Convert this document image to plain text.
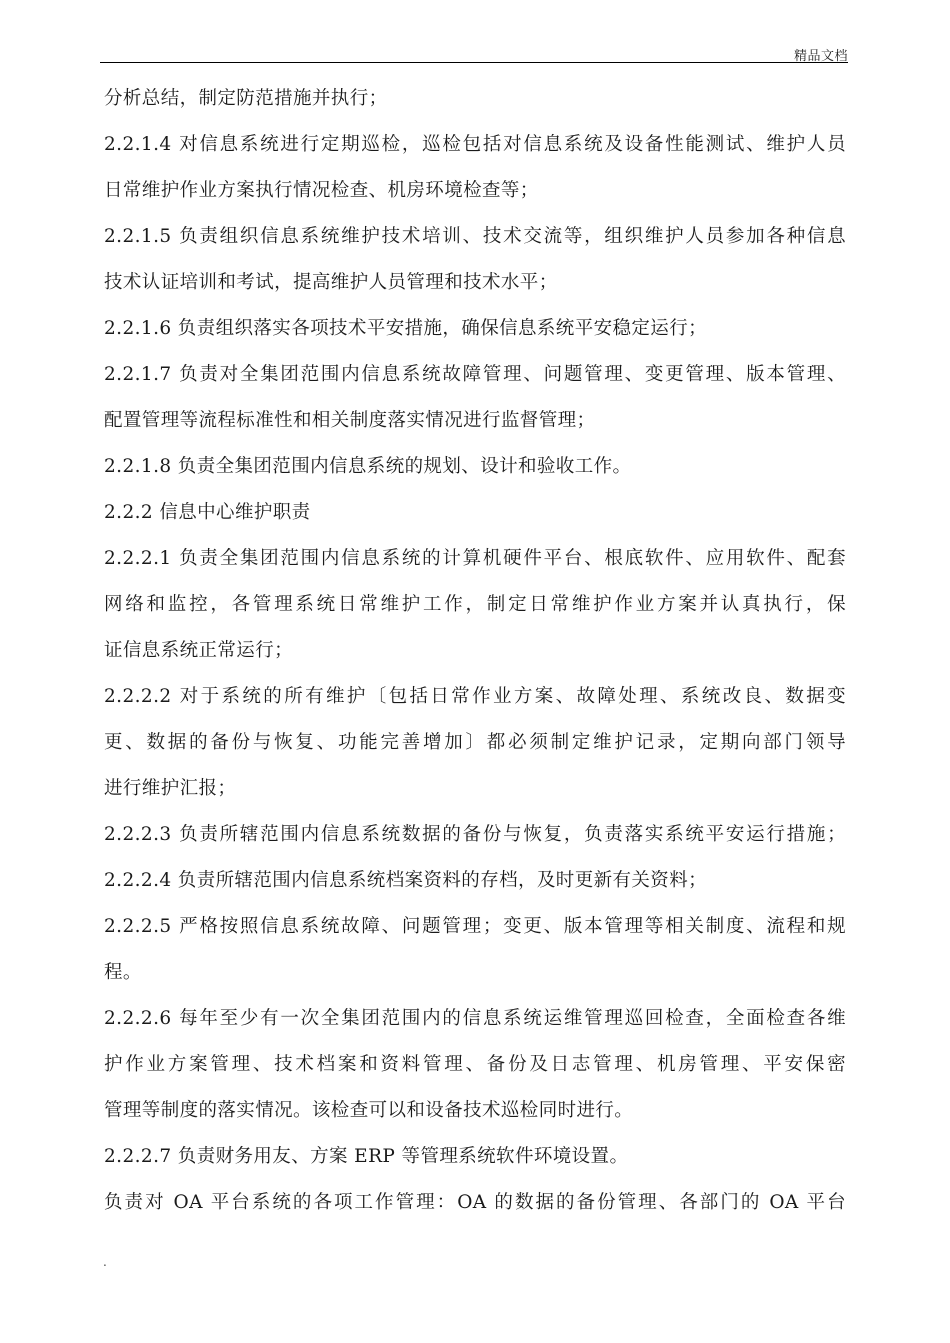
精品文档
分析总结，制定防范措施并执行；
2.2.1.4 对信息系统进行定期巡检，巡检包括对信息系统及设备性能测试、维护人员
日常维护作业方案执行情况检查、机房环境检查等；
2.2.1.5 负责组织信息系统维护技术培训、技术交流等，组织维护人员参加各种信息
技术认证培训和考试，提高维护人员管理和技术水平；
2.2.1.6 负责组织落实各项技术平安措施，确保信息系统平安稳定运行；
2.2.1.7 负责对全集团范围内信息系统故障管理、问题管理、变更管理、版本管理、
配置管理等流程标准性和相关制度落实情况进行监督管理；
2.2.1.8 负责全集团范围内信息系统的规划、设计和验收工作。
2.2.2 信息中心维护职责
2.2.2.1 负责全集团范围内信息系统的计算机硬件平台、根底软件、应用软件、配套
网络和监控，各管理系统日常维护工作，制定日常维护作业方案并认真执行，保
证信息系统正常运行；
2.2.2.2 对于系统的所有维护〔包括日常作业方案、故障处理、系统改良、数据变
更、数据的备份与恢复、功能完善增加〕都必须制定维护记录，定期向部门领导
进行维护汇报；
2.2.2.3 负责所辖范围内信息系统数据的备份与恢复，负责落实系统平安运行措施；
2.2.2.4 负责所辖范围内信息系统档案资料的存档，及时更新有关资料；
2.2.2.5 严格按照信息系统故障、问题管理；变更、版本管理等相关制度、流程和规
程。
2.2.2.6 每年至少有一次全集团范围内的信息系统运维管理巡回检查，全面检查各维
护作业方案管理、技术档案和资料管理、备份及日志管理、机房管理、平安保密
管理等制度的落实情况。该检查可以和设备技术巡检同时进行。
2.2.2.7 负责财务用友、方案 ERP 等管理系统软件环境设置。
负责对 OA 平台系统的各项工作管理：OA 的数据的备份管理、各部门的 OA 平台
.
